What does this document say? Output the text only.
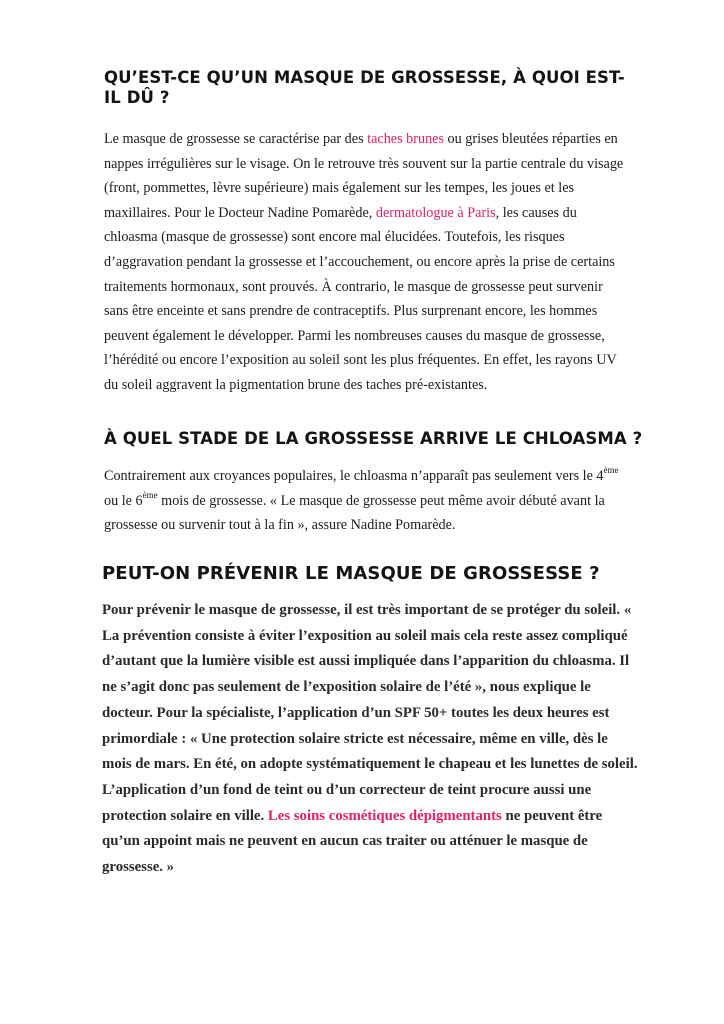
QU’EST-CE QU’UN MASQUE DE GROSSESSE, À QUOI EST-IL DÛ ?

Le masque de grossesse se caractérise par des taches brunes ou grises bleutées réparties en nappes irrégulières sur le visage. On le retrouve très souvent sur la partie centrale du visage (front, pommettes, lèvre supérieure) mais également sur les tempes, les joues et les maxillaires. Pour le Docteur Nadine Pomarède, dermatologue à Paris, les causes du chloasma (masque de grossesse) sont encore mal élucidées. Toutefois, les risques d’aggravation pendant la grossesse et l’accouchement, ou encore après la prise de certains traitements hormonaux, sont prouvés. À contrario, le masque de grossesse peut survenir sans être enceinte et sans prendre de contraceptifs. Plus surprenant encore, les hommes peuvent également le développer. Parmi les nombreuses causes du masque de grossesse, l’hérédité ou encore l’exposition au soleil sont les plus fréquentes. En effet, les rayons UV du soleil aggravent la pigmentation brune des taches pré-existantes.

À QUEL STADE DE LA GROSSESSE ARRIVE LE CHLOASMA ?

Contrairement aux croyances populaires, le chloasma n’apparaît pas seulement vers le 4ème ou le 6ème mois de grossesse. « Le masque de grossesse peut même avoir débuté avant la grossesse ou survenir tout à la fin », assure Nadine Pomarède.

PEUT-ON PRÉVENIR LE MASQUE DE GROSSESSE ?

Pour prévenir le masque de grossesse, il est très important de se protéger du soleil. « La prévention consiste à éviter l’exposition au soleil mais cela reste assez compliqué d’autant que la lumière visible est aussi impliquée dans l’apparition du chloasma. Il ne s’agit donc pas seulement de l’exposition solaire de l’été », nous explique le docteur. Pour la spécialiste, l’application d’un SPF 50+ toutes les deux heures est primordiale : « Une protection solaire stricte est nécessaire, même en ville, dès le mois de mars. En été, on adopte systématiquement le chapeau et les lunettes de soleil. L’application d’un fond de teint ou d’un correcteur de teint procure aussi une protection solaire en ville. Les soins cosmétiques dépigmentants ne peuvent être qu’un appoint mais ne peuvent en aucun cas traiter ou atténuer le masque de grossesse. »
